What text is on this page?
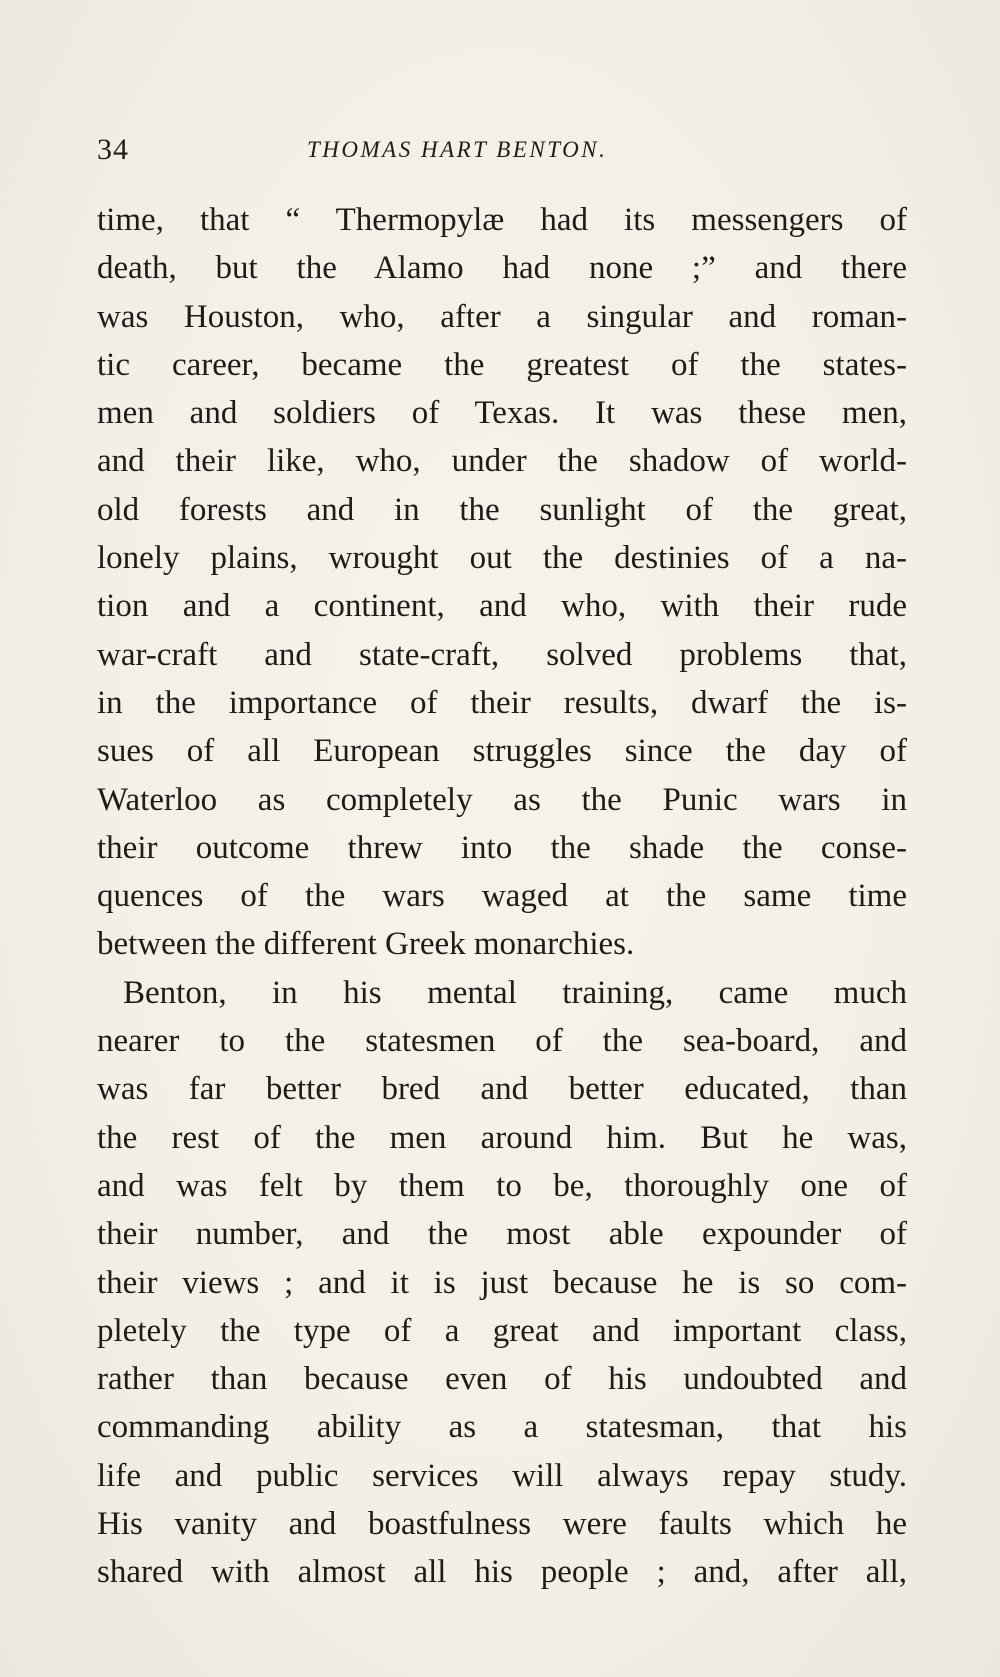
34	THOMAS HART BENTON.
time, that “ Thermopylæ had its messengers of
death, but the Alamo had none ;” and there
was Houston, who, after a singular and roman-
tic career, became the greatest of the states-
men and soldiers of Texas. It was these men,
and their like, who, under the shadow of world-
old forests and in the sunlight of the great,
lonely plains, wrought out the destinies of a na-
tion and a continent, and who, with their rude
war-craft and state-craft, solved problems that,
in the importance of their results, dwarf the is-
sues of all European struggles since the day of
Waterloo as completely as the Punic wars in
their outcome threw into the shade the conse-
quences of the wars waged at the same time
between the different Greek monarchies.
Benton, in his mental training, came much
nearer to the statesmen of the sea-board, and
was far better bred and better educated, than
the rest of the men around him. But he was,
and was felt by them to be, thoroughly one of
their number, and the most able expounder of
their views ; and it is just because he is so com-
pletely the type of a great and important class,
rather than because even of his undoubted and
commanding ability as a statesman, that his
life and public services will always repay study.
His vanity and boastfulness were faults which he
shared with almost all his people ; and, after all,
